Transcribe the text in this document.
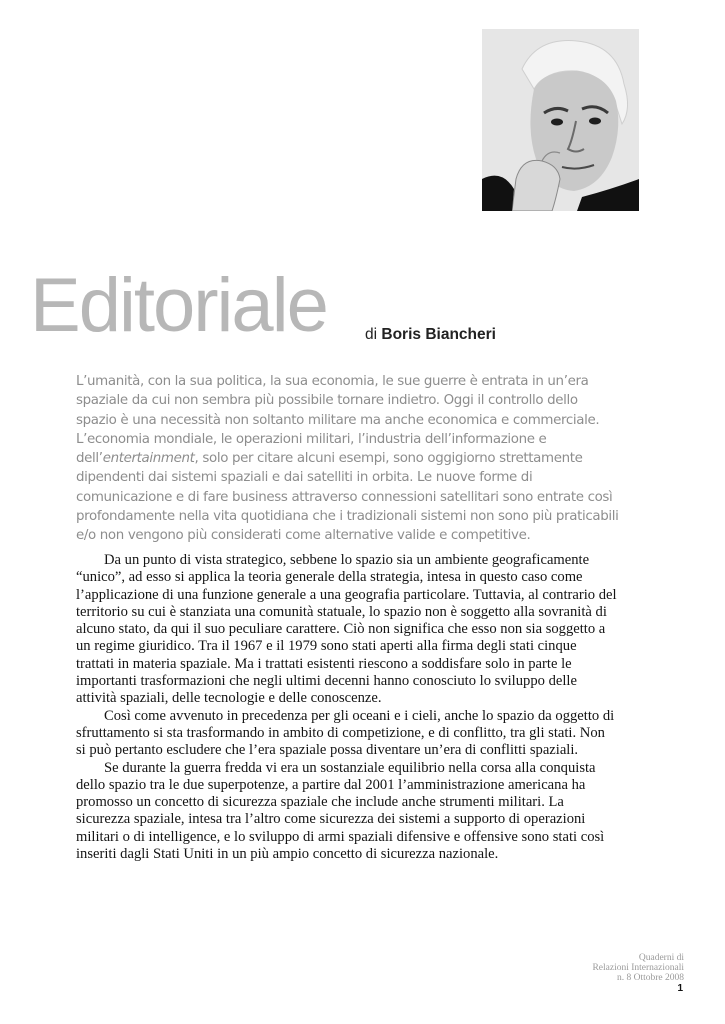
Editoriale di Boris Biancheri

L’umanità, con la sua politica, la sua economia, le sue guerre è entrata in un’era
spaziale da cui non sembra più possibile tornare indietro. Oggi il controllo dello
spazio è una necessità non soltanto militare ma anche economica e commerciale.
L’economia mondiale, le operazioni militari, l’industria dell’informazione e
dell’entertainment, solo per citare alcuni esempi, sono oggigiorno strettamente
dipendenti dai sistemi spaziali e dai satelliti in orbita. Le nuove forme di
comunicazione e di fare business attraverso connessioni satellitari sono entrate così
profondamente nella vita quotidiana che i tradizionali sistemi non sono più praticabili
e/o non vengono più considerati come alternative valide e competitive.

Da un punto di vista strategico, sebbene lo spazio sia un ambiente geograficamente
“unico”, ad esso si applica la teoria generale della strategia, intesa in questo caso come
l’applicazione di una funzione generale a una geografia particolare. Tuttavia, al contrario del
territorio su cui è stanziata una comunità statuale, lo spazio non è soggetto alla sovranità di
alcuno stato, da qui il suo peculiare carattere. Ciò non significa che esso non sia soggetto a
un regime giuridico. Tra il 1967 e il 1979 sono stati aperti alla firma degli stati cinque
trattati in materia spaziale. Ma i trattati esistenti riescono a soddisfare solo in parte le
importanti trasformazioni che negli ultimi decenni hanno conosciuto lo sviluppo delle
attività spaziali, delle tecnologie e delle conoscenze.

Così come avvenuto in precedenza per gli oceani e i cieli, anche lo spazio da oggetto di
sfruttamento si sta trasformando in ambito di competizione, e di conflitto, tra gli stati. Non
si può pertanto escludere che l’era spaziale possa diventare un’era di conflitti spaziali.

Se durante la guerra fredda vi era un sostanziale equilibrio nella corsa alla conquista
dello spazio tra le due superpotenze, a partire dal 2001 l’amministrazione americana ha
promosso un concetto di sicurezza spaziale che include anche strumenti militari. La
sicurezza spaziale, intesa tra l’altro come sicurezza dei sistemi a supporto di operazioni
militari o di intelligence, e lo sviluppo di armi spaziali difensive e offensive sono stati così
inseriti dagli Stati Uniti in un più ampio concetto di sicurezza nazionale.

Quaderni di
Relazioni Internazionali
n. 8 Ottobre 2008
1
